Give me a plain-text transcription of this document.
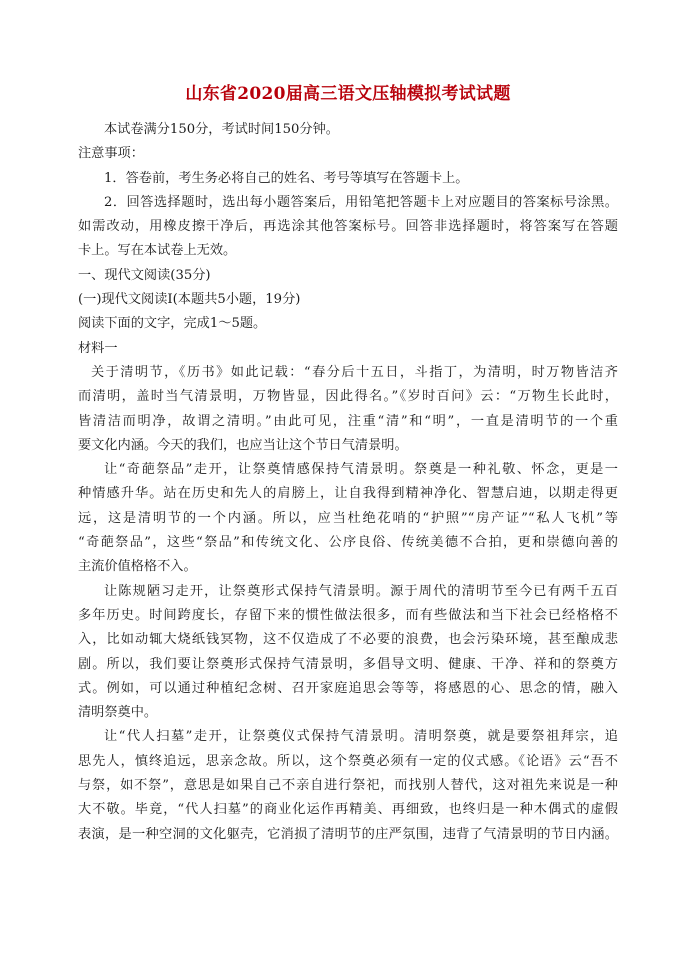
山东省2020届高三语文压轴模拟考试试题

本试卷满分150分，考试时间150分钟。

注意事项：

1．答卷前，考生务必将自己的姓名、考号等填写在答题卡上。

2．回答选择题时，选出每小题答案后，用铅笔把答题卡上对应题目的答案标号涂黑。

如需改动，用橡皮擦干净后，再选涂其他答案标号。回答非选择题时，将答案写在答题

卡上。写在本试卷上无效。

一、现代文阅读(35分)

(一)现代文阅读Ⅰ(本题共5小题，19分)

阅读下面的文字，完成1～5题。

材料一

关于清明节，《历书》如此记载：“春分后十五日，斗指丁，为清明，时万物皆洁齐

而清明，盖时当气清景明，万物皆显，因此得名。”《岁时百问》云：“万物生长此时，

皆清洁而明净，故谓之清明。”由此可见，注重“清”和“明”，一直是清明节的一个重

要文化内涵。今天的我们，也应当让这个节日气清景明。

让“奇葩祭品”走开，让祭奠情感保持气清景明。祭奠是一种礼敬、怀念，更是一

种情感升华。站在历史和先人的肩膀上，让自我得到精神净化、智慧启迪，以期走得更

远，这是清明节的一个内涵。所以，应当杜绝花哨的“护照”“房产证”“私人飞机”等

“奇葩祭品”，这些“祭品”和传统文化、公序良俗、传统美德不合拍，更和崇德向善的

主流价值格格不入。

让陈规陋习走开，让祭奠形式保持气清景明。源于周代的清明节至今已有两千五百

多年历史。时间跨度长，存留下来的惯性做法很多，而有些做法和当下社会已经格格不

入，比如动辄大烧纸钱冥物，这不仅造成了不必要的浪费，也会污染环境，甚至酿成悲

剧。所以，我们要让祭奠形式保持气清景明，多倡导文明、健康、干净、祥和的祭奠方

式。例如，可以通过种植纪念树、召开家庭追思会等等，将感恩的心、思念的情，融入

清明祭奠中。

让“代人扫墓”走开，让祭奠仪式保持气清景明。清明祭奠，就是要祭祖拜宗，追

思先人，慎终追远，思亲念故。所以，这个祭奠必须有一定的仪式感。《论语》云“吾不

与祭，如不祭”，意思是如果自己不亲自进行祭祀，而找别人替代，这对祖先来说是一种

大不敬。毕竟，“代人扫墓”的商业化运作再精美、再细致，也终归是一种木偶式的虚假

表演，是一种空洞的文化躯壳，它消损了清明节的庄严氛围，违背了气清景明的节日内涵。
